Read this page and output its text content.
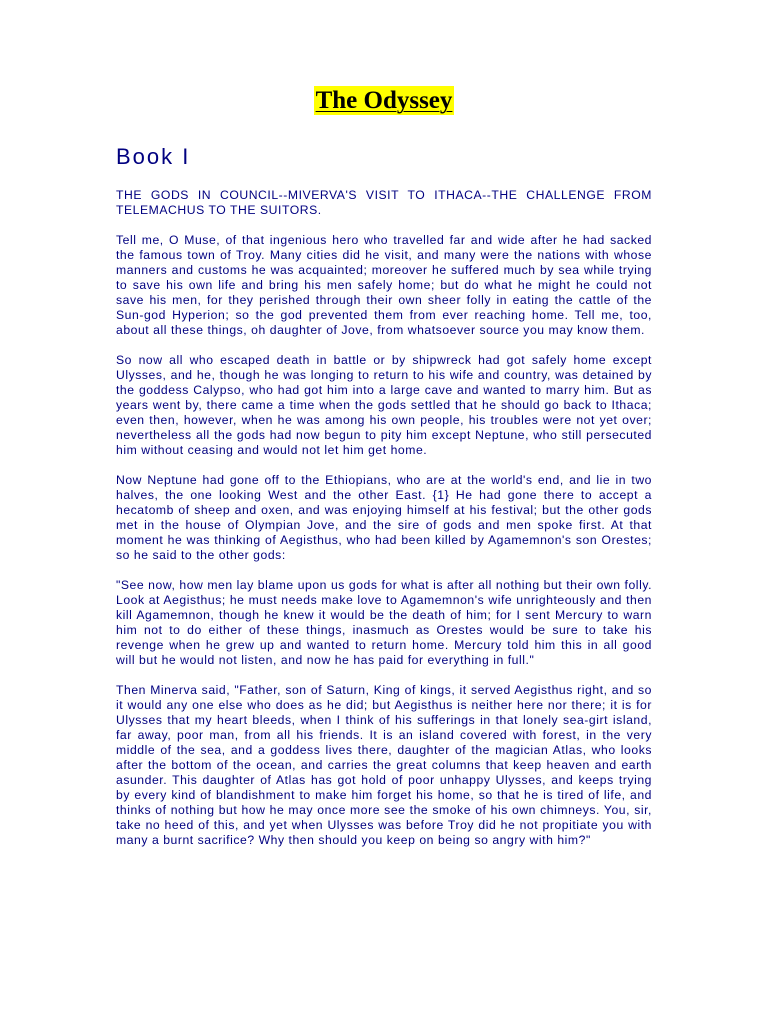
The Odyssey
Book I

THE GODS IN COUNCIL--MIVERVA'S VISIT TO ITHACA--THE CHALLENGE FROM TELEMACHUS TO THE SUITORS.

Tell me, O Muse, of that ingenious hero who travelled far and wide after he had sacked the famous town of Troy. Many cities did he visit, and many were the nations with whose manners and customs he was acquainted; moreover he suffered much by sea while trying to save his own life and bring his men safely home; but do what he might he could not save his men, for they perished through their own sheer folly in eating the cattle of the Sun-god Hyperion; so the god prevented them from ever reaching home. Tell me, too, about all these things, oh daughter of Jove, from whatsoever source you may know them.

So now all who escaped death in battle or by shipwreck had got safely home except Ulysses, and he, though he was longing to return to his wife and country, was detained by the goddess Calypso, who had got him into a large cave and wanted to marry him. But as years went by, there came a time when the gods settled that he should go back to Ithaca; even then, however, when he was among his own people, his troubles were not yet over; nevertheless all the gods had now begun to pity him except Neptune, who still persecuted him without ceasing and would not let him get home.

Now Neptune had gone off to the Ethiopians, who are at the world's end, and lie in two halves, the one looking West and the other East. {1} He had gone there to accept a hecatomb of sheep and oxen, and was enjoying himself at his festival; but the other gods met in the house of Olympian Jove, and the sire of gods and men spoke first. At that moment he was thinking of Aegisthus, who had been killed by Agamemnon's son Orestes; so he said to the other gods:

"See now, how men lay blame upon us gods for what is after all nothing but their own folly. Look at Aegisthus; he must needs make love to Agamemnon's wife unrighteously and then kill Agamemnon, though he knew it would be the death of him; for I sent Mercury to warn him not to do either of these things, inasmuch as Orestes would be sure to take his revenge when he grew up and wanted to return home. Mercury told him this in all good will but he would not listen, and now he has paid for everything in full."

Then Minerva said, "Father, son of Saturn, King of kings, it served Aegisthus right, and so it would any one else who does as he did; but Aegisthus is neither here nor there; it is for Ulysses that my heart bleeds, when I think of his sufferings in that lonely sea-girt island, far away, poor man, from all his friends. It is an island covered with forest, in the very middle of the sea, and a goddess lives there, daughter of the magician Atlas, who looks after the bottom of the ocean, and carries the great columns that keep heaven and earth asunder. This daughter of Atlas has got hold of poor unhappy Ulysses, and keeps trying by every kind of blandishment to make him forget his home, so that he is tired of life, and thinks of nothing but how he may once more see the smoke of his own chimneys. You, sir, take no heed of this, and yet when Ulysses was before Troy did he not propitiate you with many a burnt sacrifice? Why then should you keep on being so angry with him?"
